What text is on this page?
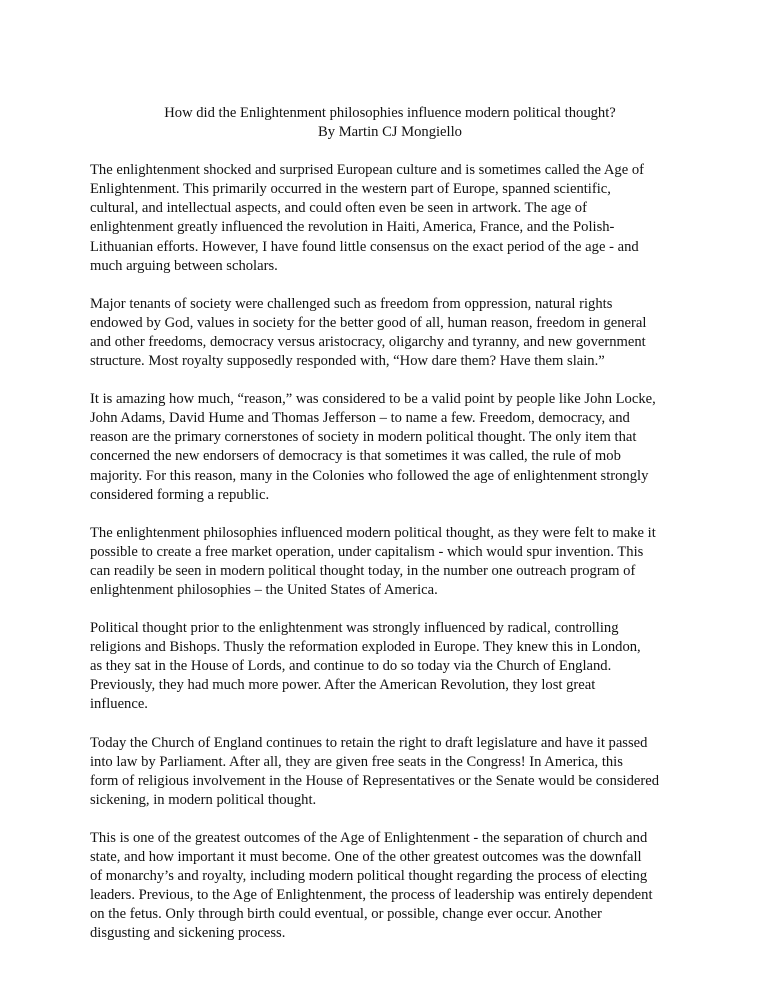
How did the Enlightenment philosophies influence modern political thought?
By Martin CJ Mongiello
The enlightenment shocked and surprised European culture and is sometimes called the Age of
Enlightenment. This primarily occurred in the western part of Europe, spanned scientific,
cultural, and intellectual aspects, and could often even be seen in artwork. The age of
enlightenment greatly influenced the revolution in Haiti, America, France, and the Polish-
Lithuanian efforts. However, I have found little consensus on the exact period of the age - and
much arguing between scholars.
Major tenants of society were challenged such as freedom from oppression, natural rights
endowed by God, values in society for the better good of all, human reason, freedom in general
and other freedoms, democracy versus aristocracy, oligarchy and tyranny, and new government
structure. Most royalty supposedly responded with, “How dare them? Have them slain.”
It is amazing how much, “reason,” was considered to be a valid point by people like John Locke,
John Adams, David Hume and Thomas Jefferson – to name a few. Freedom, democracy, and
reason are the primary cornerstones of society in modern political thought. The only item that
concerned the new endorsers of democracy is that sometimes it was called, the rule of mob
majority. For this reason, many in the Colonies who followed the age of enlightenment strongly
considered forming a republic.
The enlightenment philosophies influenced modern political thought, as they were felt to make it
possible to create a free market operation, under capitalism - which would spur invention. This
can readily be seen in modern political thought today, in the number one outreach program of
enlightenment philosophies – the United States of America.
Political thought prior to the enlightenment was strongly influenced by radical, controlling
religions and Bishops. Thusly the reformation exploded in Europe. They knew this in London,
as they sat in the House of Lords, and continue to do so today via the Church of England.
Previously, they had much more power. After the American Revolution, they lost great
influence.
Today the Church of England continues to retain the right to draft legislature and have it passed
into law by Parliament. After all, they are given free seats in the Congress! In America, this
form of religious involvement in the House of Representatives or the Senate would be considered
sickening, in modern political thought.
This is one of the greatest outcomes of the Age of Enlightenment - the separation of church and
state, and how important it must become. One of the other greatest outcomes was the downfall
of monarchy’s and royalty, including modern political thought regarding the process of electing
leaders. Previous, to the Age of Enlightenment, the process of leadership was entirely dependent
on the fetus. Only through birth could eventual, or possible, change ever occur. Another
disgusting and sickening process.
